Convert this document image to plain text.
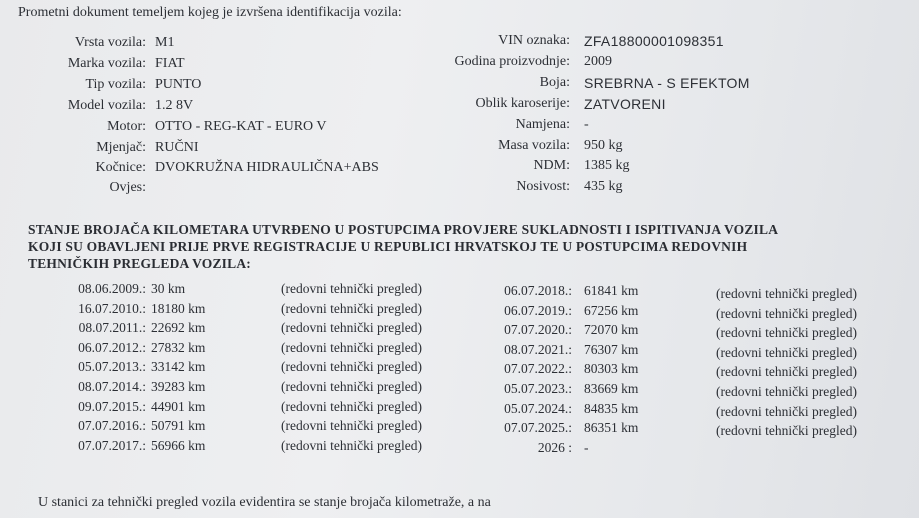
Prometni dokument temeljem kojeg je izvršena identifikacija vozila:
Vrsta vozila: M1
Marka vozila: FIAT
Tip vozila: PUNTO
Model vozila: 1.2 8V
Motor: OTTO - REG-KAT - EURO V
Mjenjač: RUČNI
Kočnice: DVOKRUŽNA HIDRAULIČNA+ABS
Ovjes:
VIN oznaka: ZFA18800001098351
Godina proizvodnje: 2009
Boja: SREBRNA - S EFEKTOM
Oblik karoserije: ZATVORENI
Namjena: -
Masa vozila: 950 kg
NDM: 1385 kg
Nosivost: 435 kg
STANJE BROJAČA KILOMETARA UTVRĐENO U POSTUPCIMA PROVJERE SUKLADNOSTI I ISPITIVANJA VOZILA
KOJI SU OBAVLJENI PRIJE PRVE REGISTRACIJE U REPUBLICI HRVATSKOJ TE U POSTUPCIMA REDOVNIH
TEHNIČKIH PREGLEDA VOZILA:
08.06.2009.: 30 km	(redovni tehnički pregled)
16.07.2010.: 18180 km	(redovni tehnički pregled)
08.07.2011.: 22692 km	(redovni tehnički pregled)
06.07.2012.: 27832 km	(redovni tehnički pregled)
05.07.2013.: 33142 km	(redovni tehnički pregled)
08.07.2014.: 39283 km	(redovni tehnički pregled)
09.07.2015.: 44901 km	(redovni tehnički pregled)
07.07.2016.: 50791 km	(redovni tehnički pregled)
07.07.2017.: 56966 km	(redovni tehnički pregled)
06.07.2018.: 61841 km	(redovni tehnički pregled)
06.07.2019.: 67256 km	(redovni tehnički pregled)
07.07.2020.: 72070 km	(redovni tehnički pregled)
08.07.2021.: 76307 km	(redovni tehnički pregled)
07.07.2022.: 80303 km	(redovni tehnički pregled)
05.07.2023.: 83669 km	(redovni tehnički pregled)
05.07.2024.: 84835 km	(redovni tehnički pregled)
07.07.2025.: 86351 km	(redovni tehnički pregled)
2026 : -
U stanici za tehnički pregled vozila evidentira se stanje brojača kilometraže, a na
